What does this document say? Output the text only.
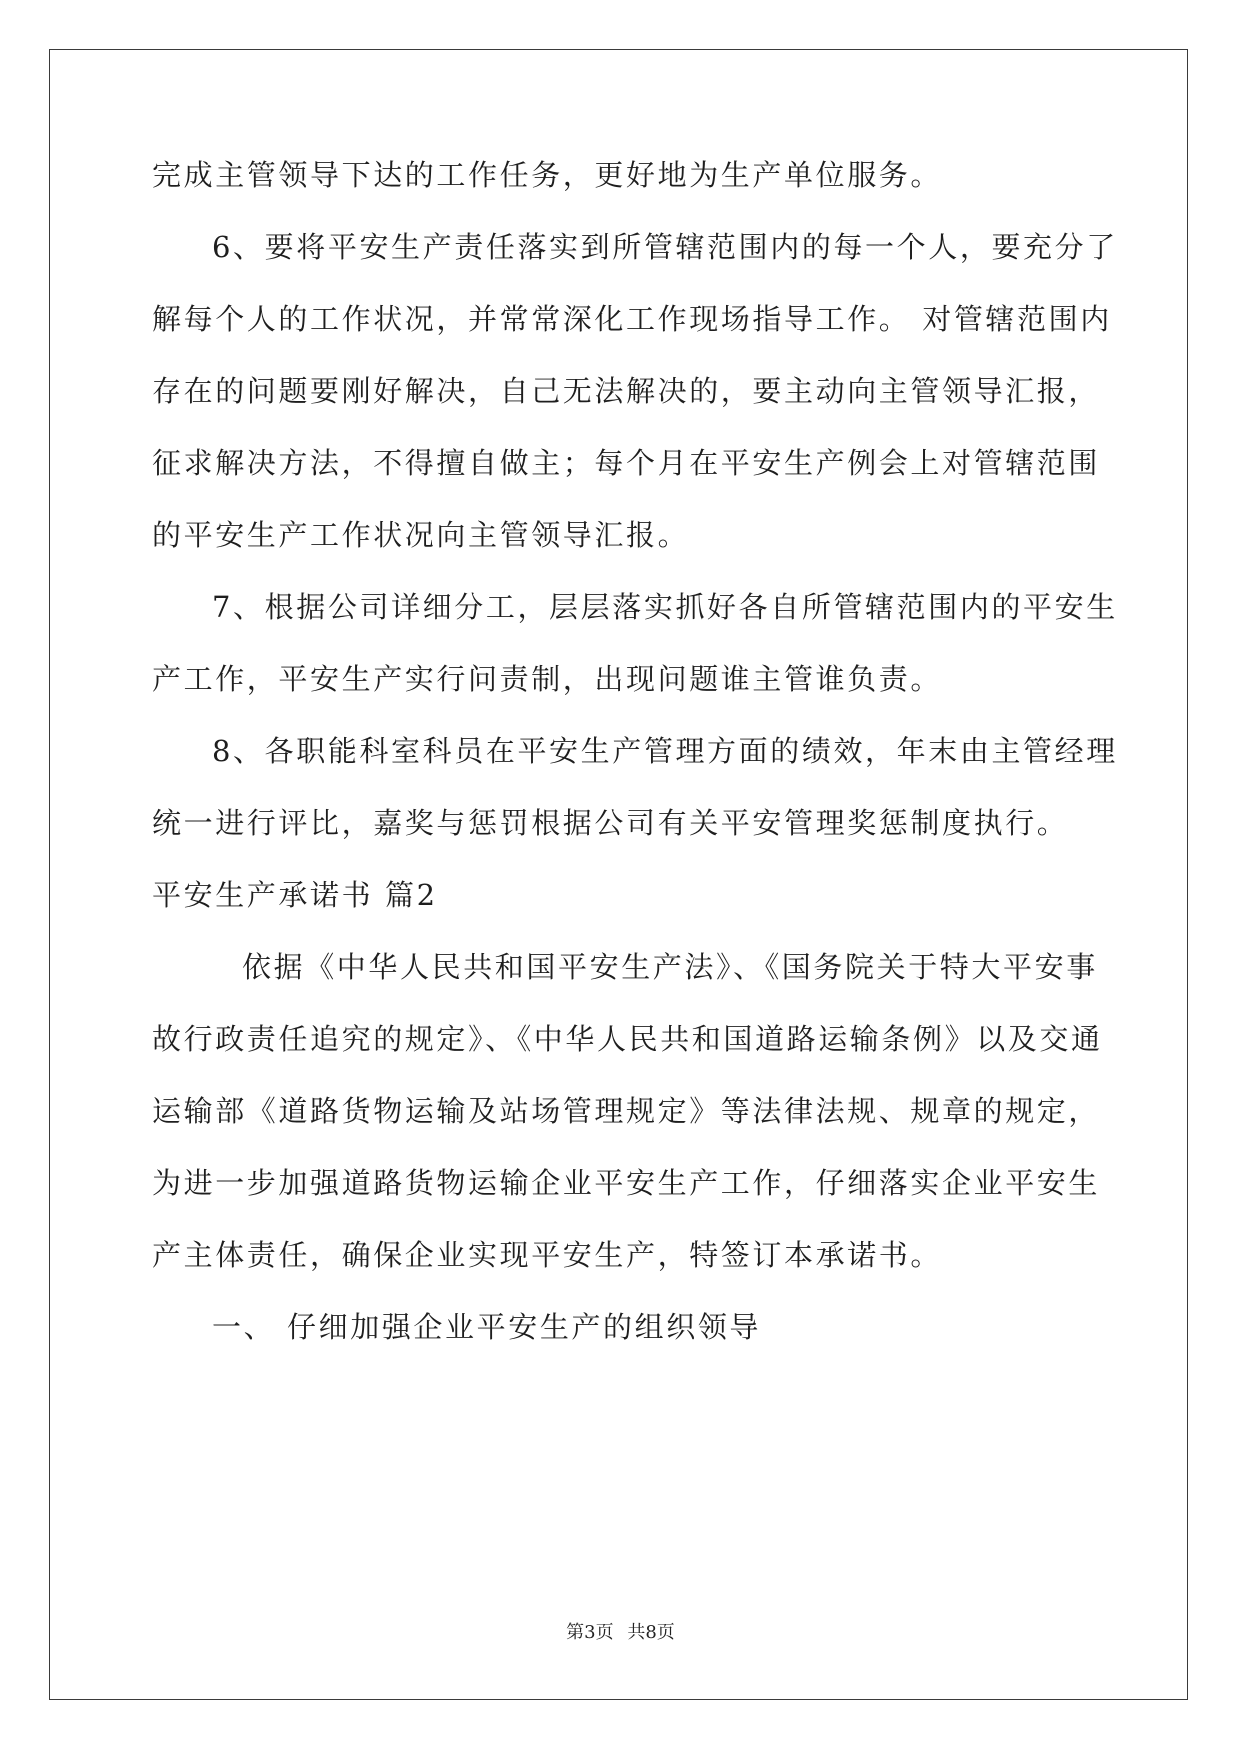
完成主管领导下达的工作任务，更好地为生产单位服务。

6、要将平安生产责任落实到所管辖范围内的每一个人，要充分了

解每个人的工作状况，并常常深化工作现场指导工作。 对管辖范围内

存在的问题要刚好解决，自己无法解决的，要主动向主管领导汇报，

征求解决方法，不得擅自做主；每个月在平安生产例会上对管辖范围

的平安生产工作状况向主管领导汇报。

7、根据公司详细分工，层层落实抓好各自所管辖范围内的平安生

产工作，平安生产实行问责制，出现问题谁主管谁负责。

8、各职能科室科员在平安生产管理方面的绩效，年末由主管经理

统一进行评比，嘉奖与惩罚根据公司有关平安管理奖惩制度执行。

平安生产承诺书 篇2

依据《中华人民共和国平安生产法》、《国务院关于特大平安事

故行政责任追究的规定》、《中华人民共和国道路运输条例》以及交通

运输部《道路货物运输及站场管理规定》等法律法规、规章的规定，

为进一步加强道路货物运输企业平安生产工作，仔细落实企业平安生

产主体责任，确保企业实现平安生产，特签订本承诺书。

一、 仔细加强企业平安生产的组织领导

第3页 共8页
